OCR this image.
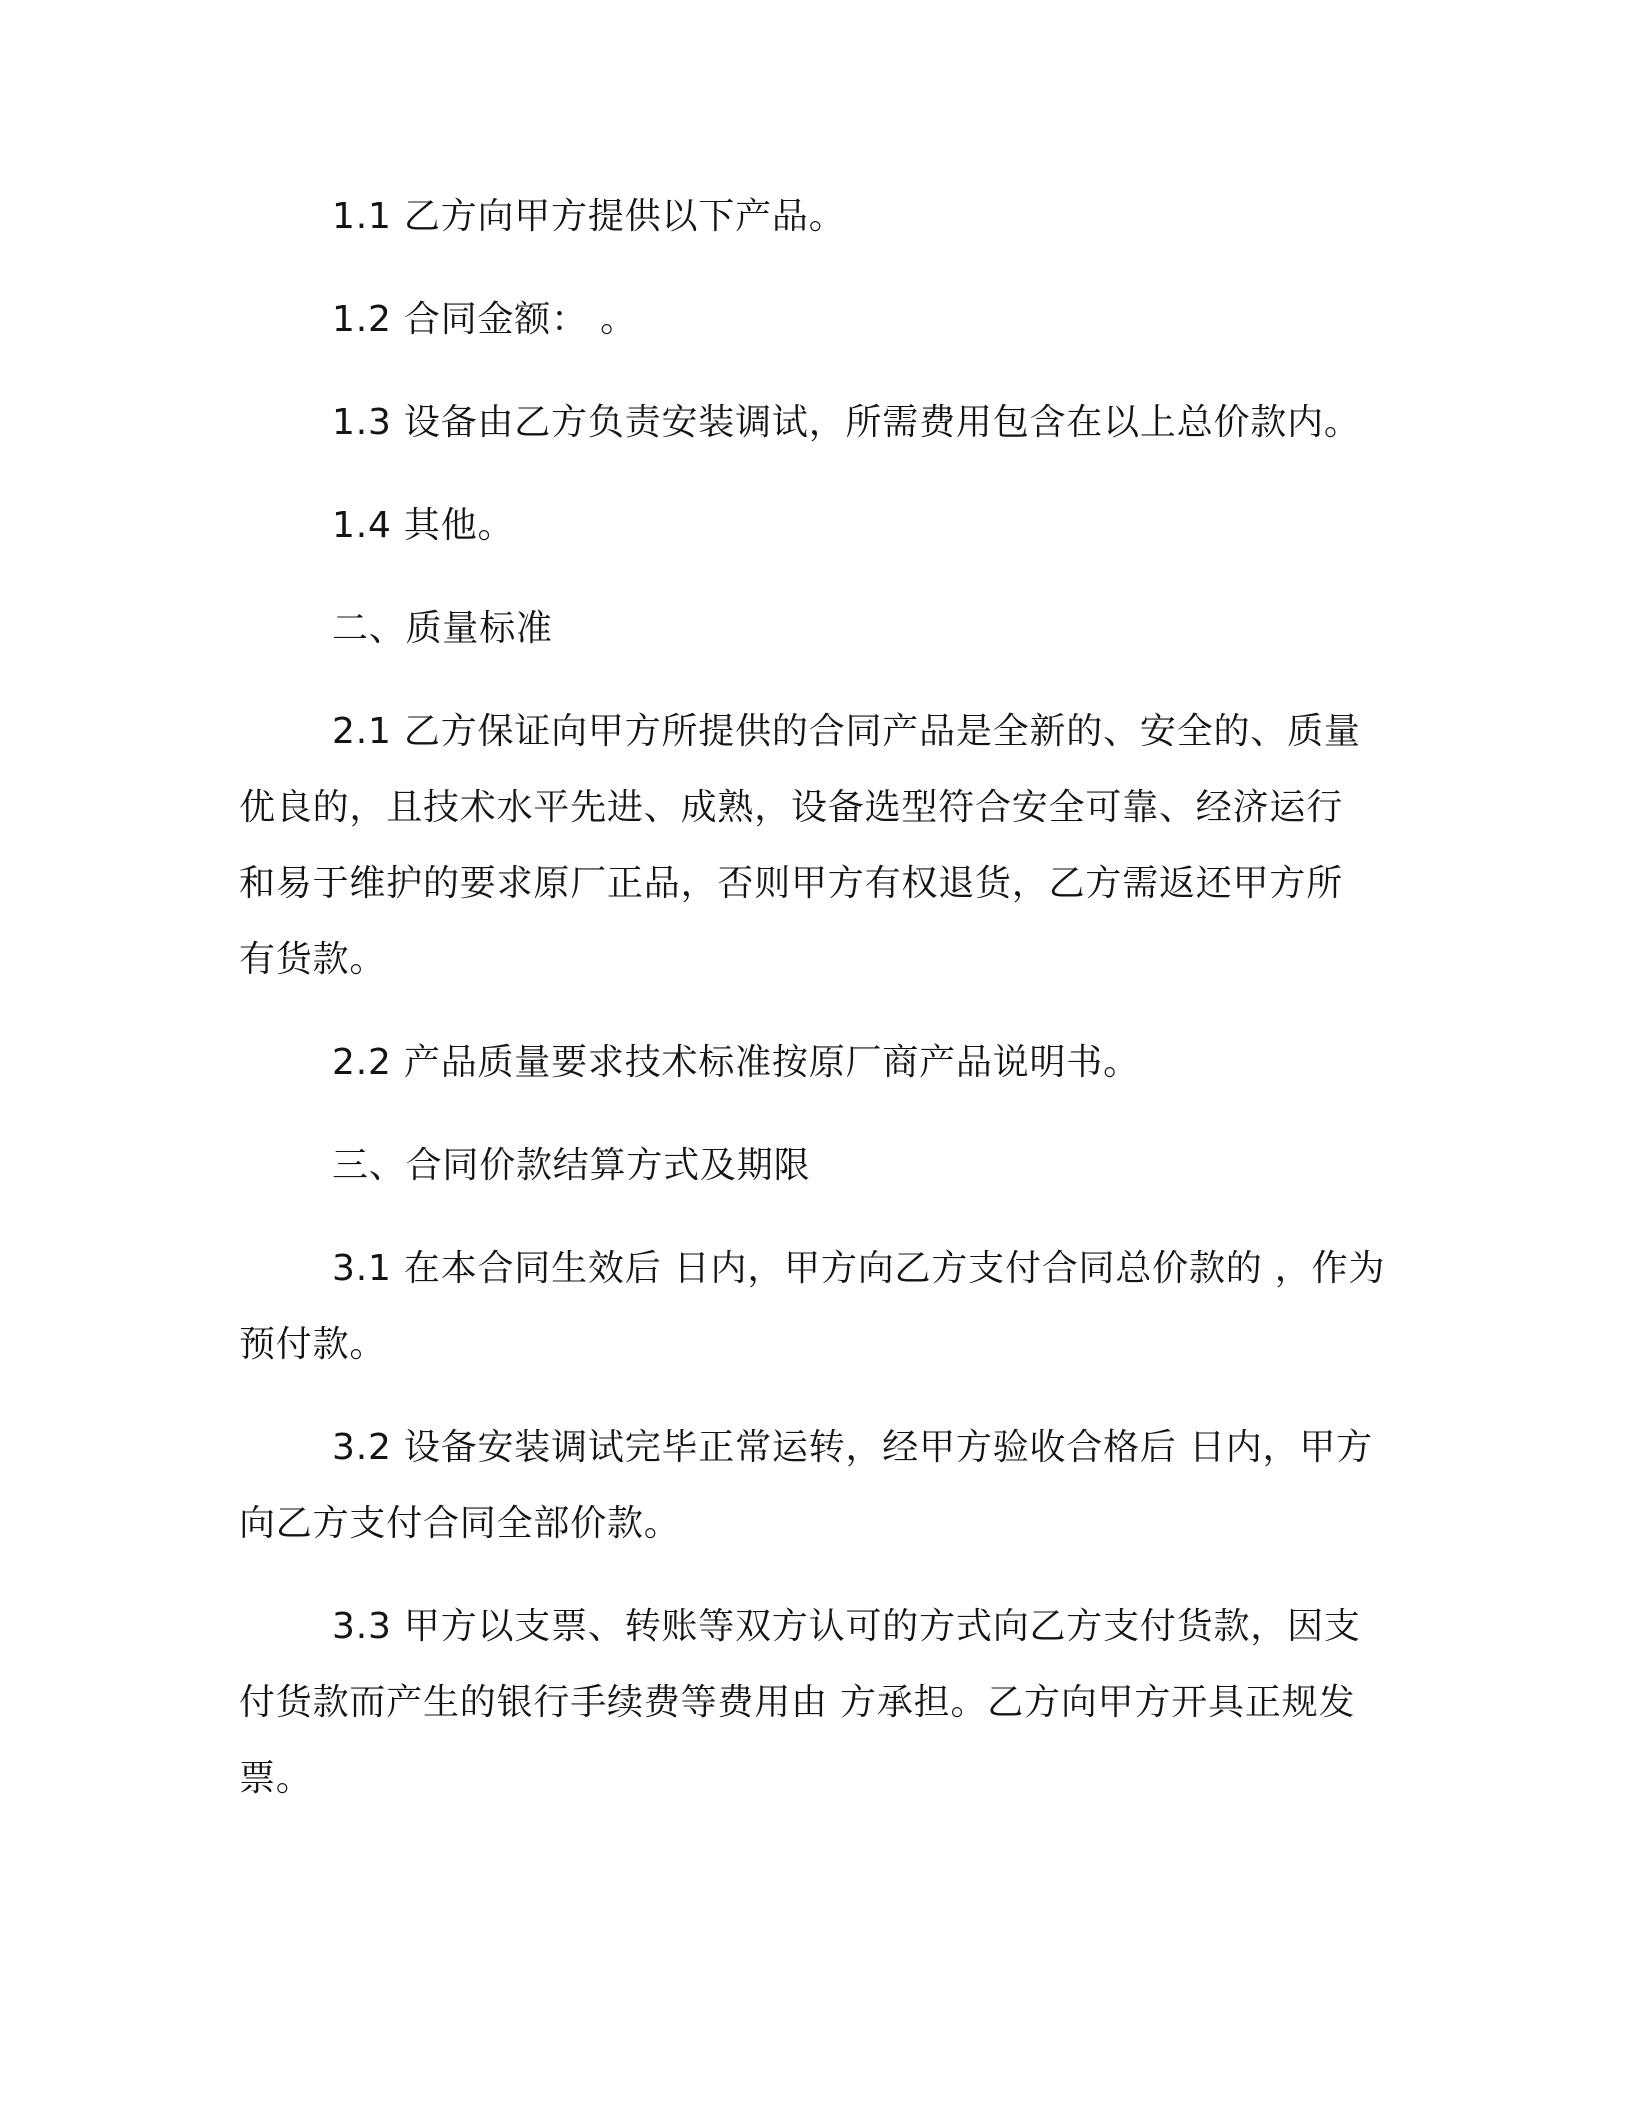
1.1 乙方向甲方提供以下产品。

1.2 合同金额： 。

1.3 设备由乙方负责安装调试，所需费用包含在以上总价款内。

1.4 其他。

二、质量标准

2.1 乙方保证向甲方所提供的合同产品是全新的、安全的、质量
优良的，且技术水平先进、成熟，设备选型符合安全可靠、经济运行
和易于维护的要求原厂正品，否则甲方有权退货，乙方需返还甲方所
有货款。

2.2 产品质量要求技术标准按原厂商产品说明书。

三、合同价款结算方式及期限

3.1 在本合同生效后 日内，甲方向乙方支付合同总价款的 ，作为
预付款。

3.2 设备安装调试完毕正常运转，经甲方验收合格后 日内，甲方
向乙方支付合同全部价款。

3.3 甲方以支票、转账等双方认可的方式向乙方支付货款，因支
付货款而产生的银行手续费等费用由 方承担。乙方向甲方开具正规发
票。
